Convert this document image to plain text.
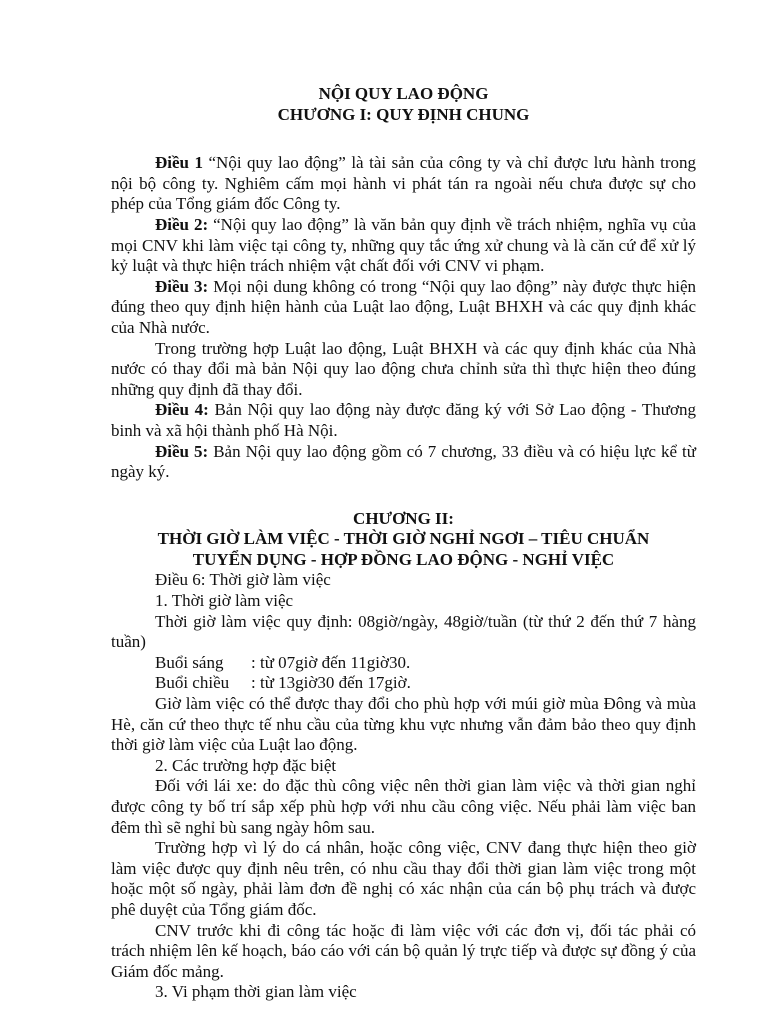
NỘI QUY LAO ĐỘNG

CHƯƠNG I: QUY ĐỊNH CHUNG

Điều 1 “Nội quy lao động” là tài sản của công ty và chỉ được lưu hành trong nội bộ công ty. Nghiêm cấm mọi hành vi phát tán ra ngoài nếu chưa được sự cho phép của Tổng giám đốc Công ty.

Điều 2: “Nội quy lao động” là văn bản quy định về trách nhiệm, nghĩa vụ của mọi CNV khi làm việc tại công ty, những quy tắc ứng xử chung và là căn cứ để xử lý kỷ luật và thực hiện trách nhiệm vật chất đối với CNV vi phạm.

Điều 3: Mọi nội dung không có trong “Nội quy lao động” này được thực hiện đúng theo quy định hiện hành của Luật lao động, Luật BHXH và các quy định khác của Nhà nước.

Trong trường hợp Luật lao động, Luật BHXH và các quy định khác của Nhà nước có thay đổi mà bản Nội quy lao động chưa chỉnh sửa thì thực hiện theo đúng những quy định đã thay đổi.

Điều 4: Bản Nội quy lao động này được đăng ký với Sở Lao động - Thương binh và xã hội thành phố Hà Nội.

Điều 5: Bản Nội quy lao động gồm có 7 chương, 33 điều và có hiệu lực kể từ ngày ký.

CHƯƠNG II:

THỜI GIỜ LÀM VIỆC - THỜI GIỜ NGHỈ NGƠI – TIÊU CHUẨN

TUYỂN DỤNG - HỢP ĐỒNG LAO ĐỘNG - NGHỈ VIỆC

Điều 6: Thời giờ làm việc

1. Thời giờ làm việc

Thời giờ làm việc quy định: 08giờ/ngày, 48giờ/tuần (từ thứ 2 đến thứ 7 hàng tuần)

Buổi sáng : từ 07giờ đến 11giờ30.

Buổi chiều : từ 13giờ30 đến 17giờ.

Giờ làm việc có thể được thay đổi cho phù hợp với múi giờ mùa Đông và mùa Hè, căn cứ theo thực tế nhu cầu của từng khu vực nhưng vẫn đảm bảo theo quy định thời giờ làm việc của Luật lao động.

2. Các trường hợp đặc biệt

Đối với lái xe: do đặc thù công việc nên thời gian làm việc và thời gian nghỉ được công ty bố trí sắp xếp phù hợp với nhu cầu công việc. Nếu phải làm việc ban đêm thì sẽ nghỉ bù sang ngày hôm sau.

Trường hợp vì lý do cá nhân, hoặc công việc, CNV đang thực hiện theo giờ làm việc được quy định nêu trên, có nhu cầu thay đổi thời gian làm việc trong một hoặc một số ngày, phải làm đơn đề nghị có xác nhận của cán bộ phụ trách và được phê duyệt của Tổng giám đốc.

CNV trước khi đi công tác hoặc đi làm việc với các đơn vị, đối tác phải có trách nhiệm lên kế hoạch, báo cáo với cán bộ quản lý trực tiếp và được sự đồng ý của Giám đốc mảng.

3. Vi phạm thời gian làm việc
